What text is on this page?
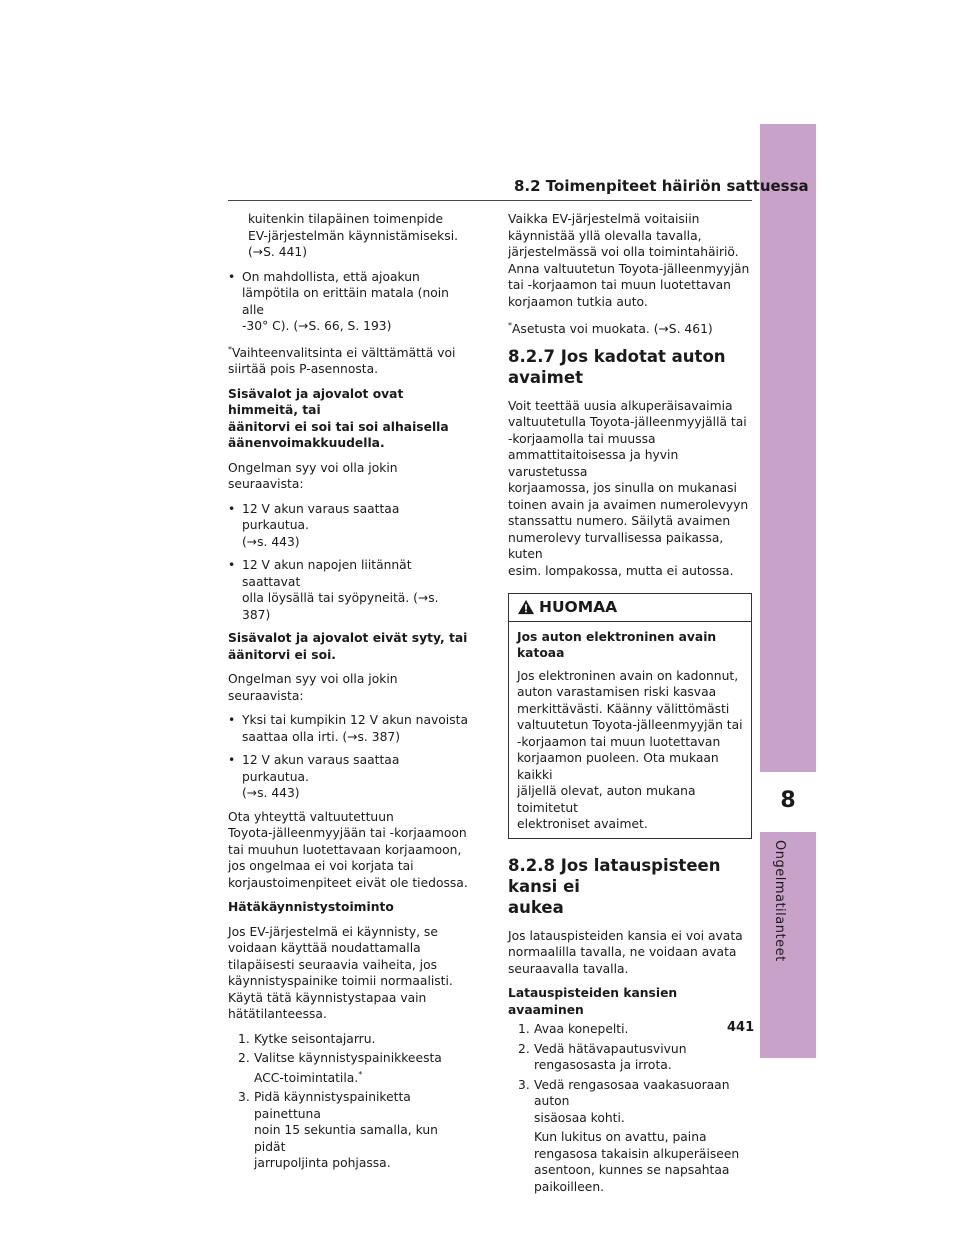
8
Ongelmatilanteet
8.2 Toimenpiteet häiriön sattuessa

kuitenkin tilapäinen toimenpide
EV-järjestelmän käynnistämiseksi.
(→S. 441)

• On mahdollista, että ajoakun
lämpötila on erittäin matala (noin alle
-30° C). (→S. 66, S. 193)

*Vaihteenvalitsinta ei välttämättä voi
siirtää pois P-asennosta.

Sisävalot ja ajovalot ovat himmeitä, tai
äänitorvi ei soi tai soi alhaisella
äänenvoimakkuudella.

Ongelman syy voi olla jokin seuraavista:

• 12 V akun varaus saattaa purkautua.
(→s. 443)
• 12 V akun napojen liitännät saattavat
olla löysällä tai syöpyneitä. (→s. 387)

Sisävalot ja ajovalot eivät syty, tai
äänitorvi ei soi.

Ongelman syy voi olla jokin seuraavista:

• Yksi tai kumpikin 12 V akun navoista
saattaa olla irti. (→s. 387)
• 12 V akun varaus saattaa purkautua.
(→s. 443)

Ota yhteyttä valtuutettuun
Toyota-jälleenmyyjään tai -korjaamoon
tai muuhun luotettavaan korjaamoon,
jos ongelmaa ei voi korjata tai
korjaustoimenpiteet eivät ole tiedossa.

Hätäkäynnistystoiminto

Jos EV-järjestelmä ei käynnisty, se
voidaan käyttää noudattamalla
tilapäisesti seuraavia vaiheita, jos
käynnistyspainike toimii normaalisti.
Käytä tätä käynnistystapaa vain
hätätilanteessa.

1. Kytke seisontajarru.
2. Valitse käynnistyspainikkeesta
ACC-toimintatila.*
3. Pidä käynnistyspainiketta painettuna
noin 15 sekuntia samalla, kun pidät
jarrupoljinta pohjassa.

Vaikka EV-järjestelmä voitaisiin
käynnistää yllä olevalla tavalla,
järjestelmässä voi olla toimintahäiriö.
Anna valtuutetun Toyota-jälleenmyyjän
tai -korjaamon tai muun luotettavan
korjaamon tutkia auto.

*Asetusta voi muokata. (→S. 461)

8.2.7 Jos kadotat auton avaimet

Voit teettää uusia alkuperäisavaimia
valtuutetulla Toyota-jälleenmyyjällä tai
-korjaamolla tai muussa
ammattitaitoisessa ja hyvin varustetussa
korjaamossa, jos sinulla on mukanasi
toinen avain ja avaimen numerolevyyn
stanssattu numero. Säilytä avaimen
numerolevy turvallisessa paikassa, kuten
esim. lompakossa, mutta ei autossa.

HUOMAA
Jos auton elektroninen avain katoaa
Jos elektroninen avain on kadonnut,
auton varastamisen riski kasvaa
merkittävästi. Käänny välittömästi
valtuutetun Toyota-jälleenmyyjän tai
-korjaamon tai muun luotettavan
korjaamon puoleen. Ota mukaan kaikki
jäljellä olevat, auton mukana toimitetut
elektroniset avaimet.
8.2.8 Jos latauspisteen kansi ei
aukea

Jos latauspisteiden kansia ei voi avata
normaalilla tavalla, ne voidaan avata
seuraavalla tavalla.

Latauspisteiden kansien avaaminen

1. Avaa konepelti.
2. Vedä hätävapautusvivun
rengasosasta ja irrota.
3. Vedä rengasosaa vaakasuoraan auton
sisäosaa kohti.
Kun lukitus on avattu, paina
rengasosa takaisin alkuperäiseen
asentoon, kunnes se napsahtaa
paikoilleen.
441
